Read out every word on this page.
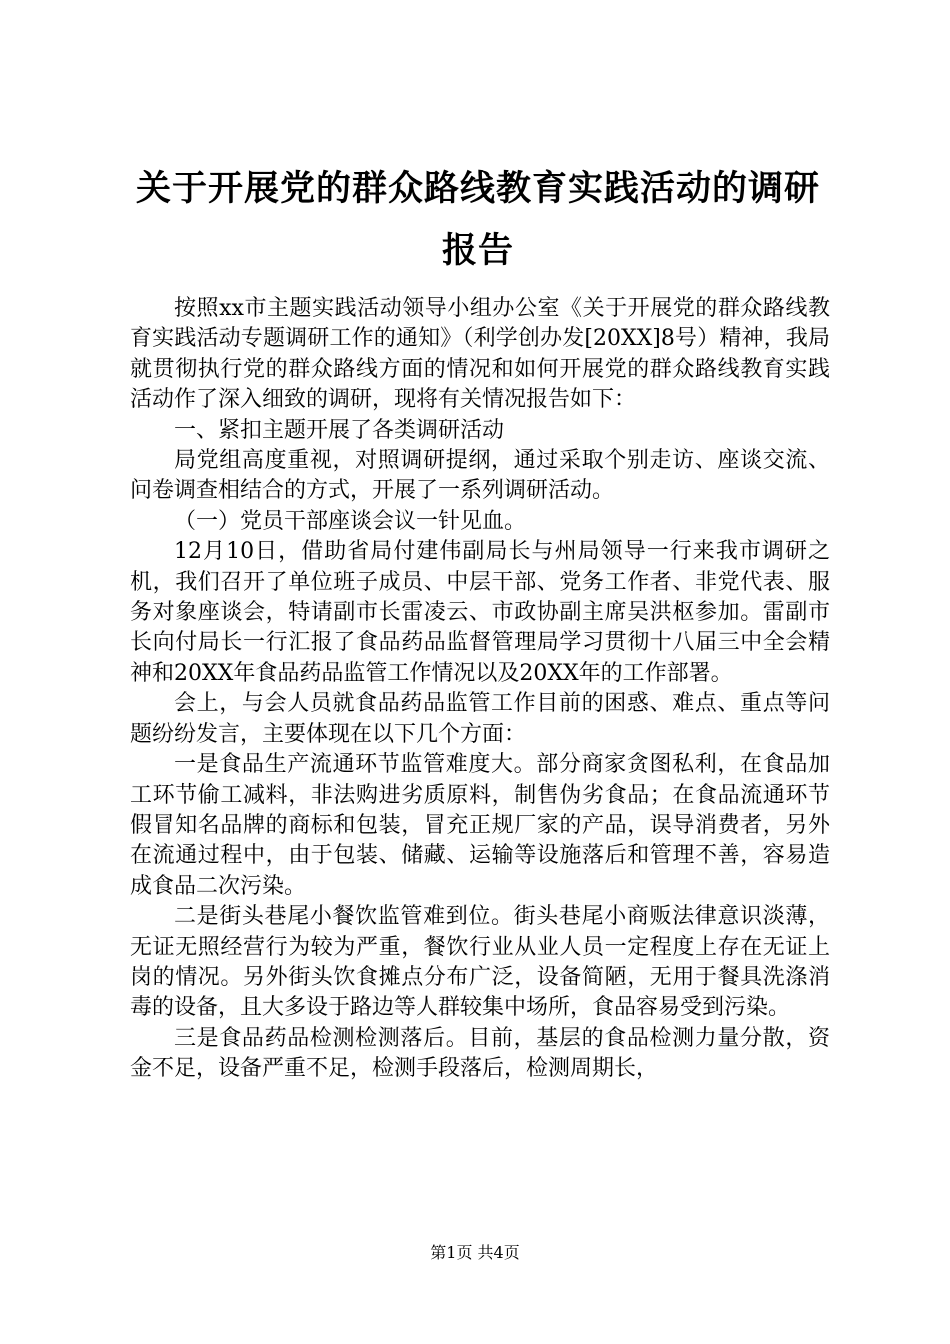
关于开展党的群众路线教育实践活动的调研报告

按照xx市主题实践活动领导小组办公室《关于开展党的群众路线教育实践活动专题调研工作的通知》（利学创办发[20XX]8号）精神，我局就贯彻执行党的群众路线方面的情况和如何开展党的群众路线教育实践活动作了深入细致的调研，现将有关情况报告如下：

一、紧扣主题开展了各类调研活动

局党组高度重视，对照调研提纲，通过采取个别走访、座谈交流、问卷调查相结合的方式，开展了一系列调研活动。

（一）党员干部座谈会议一针见血。

12月10日，借助省局付建伟副局长与州局领导一行来我市调研之机，我们召开了单位班子成员、中层干部、党务工作者、非党代表、服务对象座谈会，特请副市长雷凌云、市政协副主席吴洪枢参加。雷副市长向付局长一行汇报了食品药品监督管理局学习贯彻十八届三中全会精神和20XX年食品药品监管工作情况以及20XX年的工作部署。

会上，与会人员就食品药品监管工作目前的困惑、难点、重点等问题纷纷发言，主要体现在以下几个方面：

一是食品生产流通环节监管难度大。部分商家贪图私利，在食品加工环节偷工减料，非法购进劣质原料，制售伪劣食品；在食品流通环节假冒知名品牌的商标和包装，冒充正规厂家的产品，误导消费者，另外在流通过程中，由于包装、储藏、运输等设施落后和管理不善，容易造成食品二次污染。

二是街头巷尾小餐饮监管难到位。街头巷尾小商贩法律意识淡薄，无证无照经营行为较为严重，餐饮行业从业人员一定程度上存在无证上岗的情况。另外街头饮食摊点分布广泛，设备简陋，无用于餐具洗涤消毒的设备，且大多设于路边等人群较集中场所，食品容易受到污染。

三是食品药品检测检测落后。目前，基层的食品检测力量分散，资金不足，设备严重不足，检测手段落后，检测周期长，

第1页 共4页
